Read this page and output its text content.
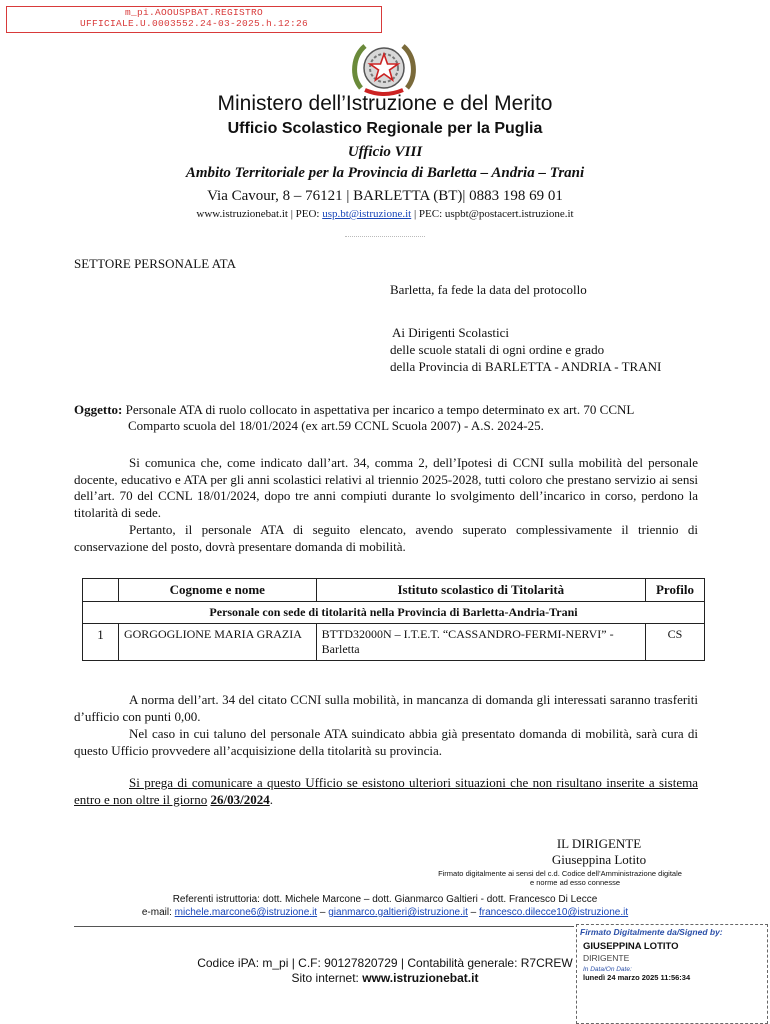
m_pi.AOOUSPBAT.REGISTRO
UFFICIALE.U.0003552.24-03-2025.h.12:26
Ministero dell’Istruzione e del Merito
Ufficio Scolastico Regionale per la Puglia
Ufficio VIII
Ambito Territoriale per la Provincia di Barletta – Andria – Trani
Via Cavour, 8 – 76121 | BARLETTA (BT)| 0883 198 69 01
www.istruzionebat.it | PEO: usp.bt@istruzione.it | PEC: uspbt@postacert.istruzione.it
SETTORE PERSONALE ATA
Barletta, fa fede la data del protocollo
Ai Dirigenti Scolastici
delle scuole statali di ogni ordine e grado
della Provincia di BARLETTA - ANDRIA - TRANI
Oggetto: Personale ATA di ruolo collocato in aspettativa per incarico a tempo determinato ex art. 70 CCNL
Comparto scuola del 18/01/2024 (ex art.59 CCNL Scuola 2007) - A.S. 2024-25.
Si comunica che, come indicato dall’art. 34, comma 2, dell’Ipotesi di CCNI sulla mobilità del personale docente, educativo e ATA per gli anni scolastici relativi al triennio 2025-2028, tutti coloro che prestano servizio ai sensi dell’art. 70 del CCNL 18/01/2024, dopo tre anni compiuti durante lo svolgimento dell’incarico in corso, perdono la titolarità di sede.
Pertanto, il personale ATA di seguito elencato, avendo superato complessivamente il triennio di conservazione del posto, dovrà presentare domanda di mobilità.
	Cognome e nome	Istituto scolastico di Titolarità	Profilo
Personale con sede di titolarità nella Provincia di Barletta-Andria-Trani			
1	GORGOGLIONE MARIA GRAZIA	BTTD32000N – I.T.E.T. “CASSANDRO-FERMI-NERVI” - Barletta	CS
A norma dell’art. 34 del citato CCNI sulla mobilità, in mancanza di domanda gli interessati saranno trasferiti d’ufficio con punti 0,00.
Nel caso in cui taluno del personale ATA suindicato abbia già presentato domanda di mobilità, sarà cura di questo Ufficio provvedere all’acquisizione della titolarità su provincia.
Si prega di comunicare a questo Ufficio se esistono ulteriori situazioni che non risultano inserite a sistema entro e non oltre il giorno 26/03/2024.
IL DIRIGENTE
Giuseppina Lotito
Firmato digitalmente ai sensi del c.d. Codice dell’Amministrazione digitale
e norme ad esso connesse
Referenti istruttoria: dott. Michele Marcone – dott. Gianmarco Galtieri - dott. Francesco Di Lecce
e-mail: michele.marcone6@istruzione.it – gianmarco.galtieri@istruzione.it – francesco.dilecce10@istruzione.it
Codice iPA: m_pi | C.F: 90127820729 | Contabilità generale: R7CREW
Sito internet: www.istruzionebat.it
Firmato Digitalmente da/Signed by:
GIUSEPPINA LOTITO
DIRIGENTE
In Data/On Date:
lunedì 24 marzo 2025 11:56:34
